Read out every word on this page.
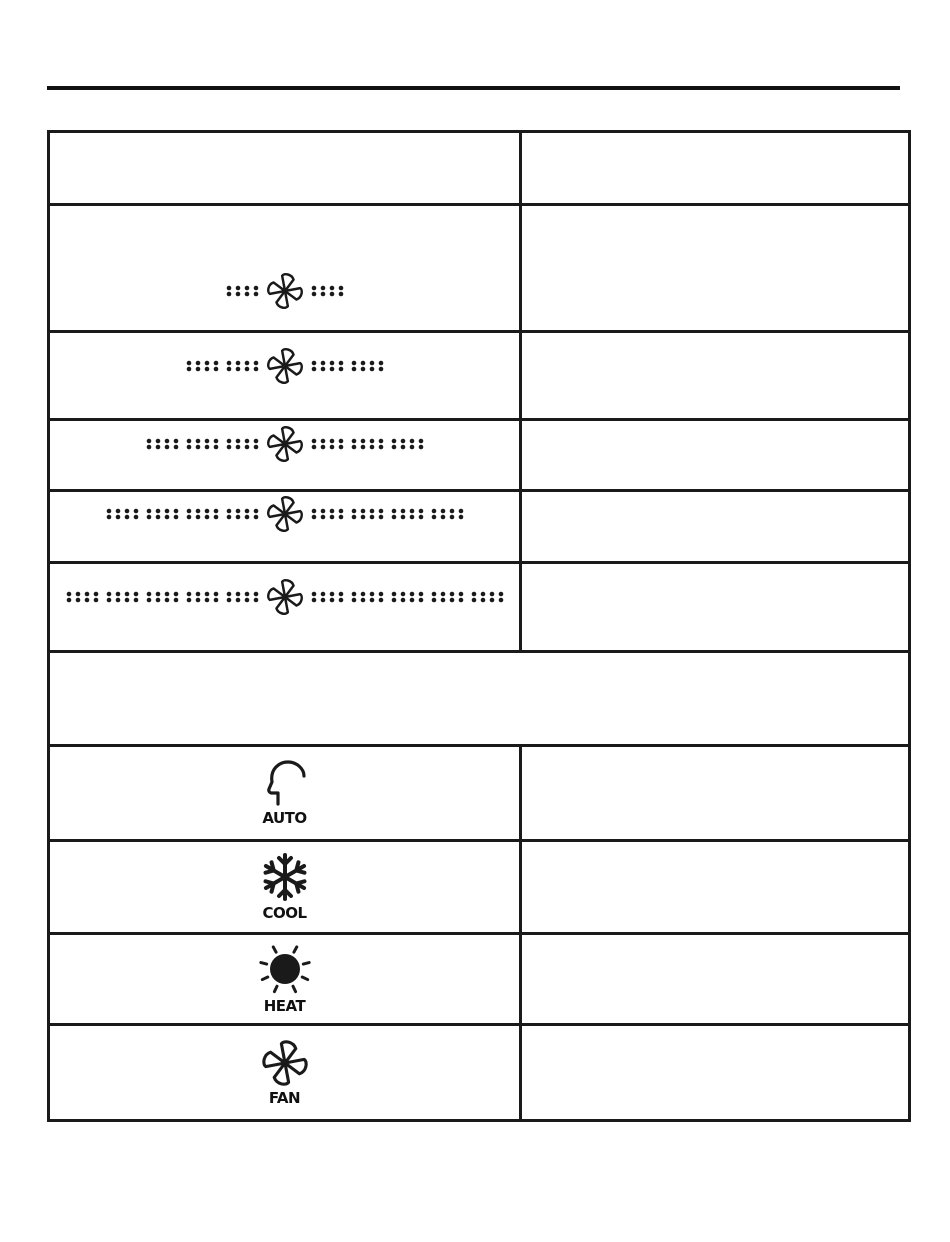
AUTO	

COOL	

HEAT	

FAN	
